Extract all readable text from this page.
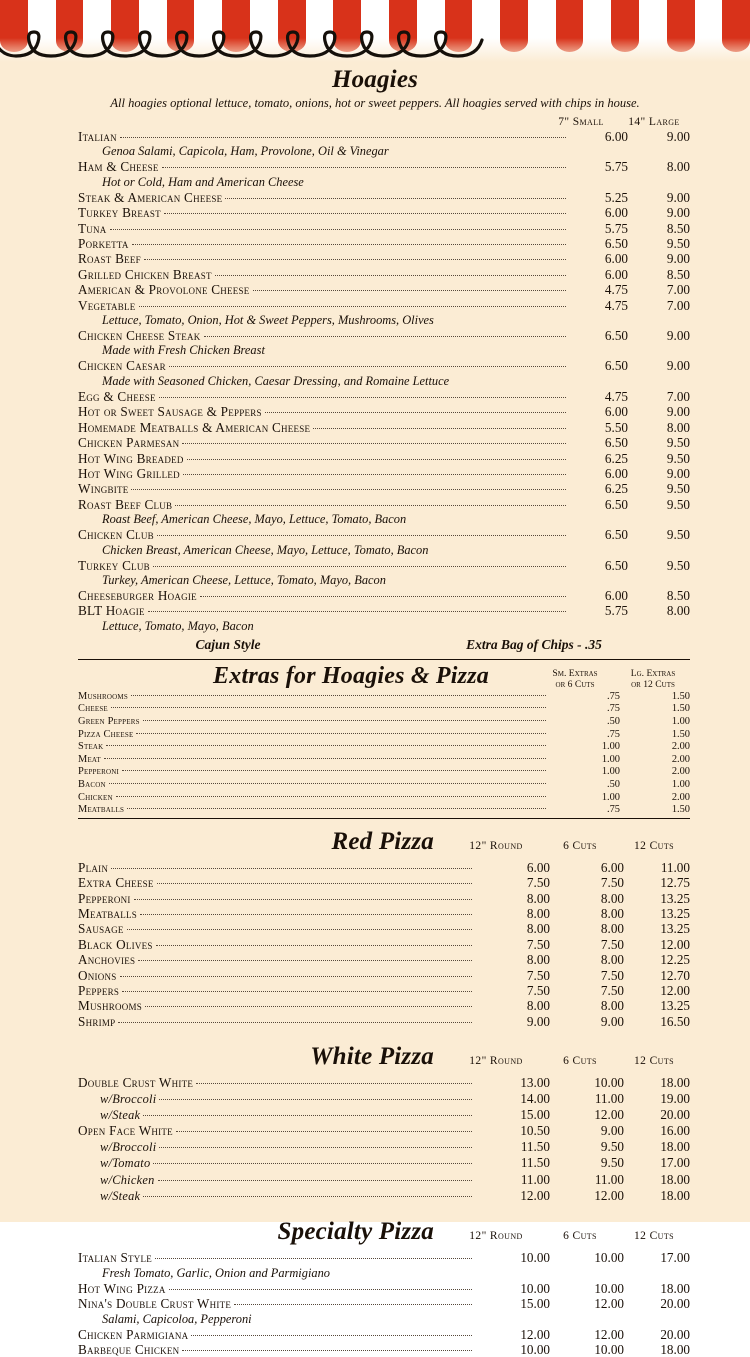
Hoagies
All hoagies optional lettuce, tomato, onions, hot or sweet peppers. All hoagies served with chips in house.
7" Small	14" Large
Italian	6.00	9.00
Genoa Salami, Capicola, Ham, Provolone, Oil & Vinegar
Ham & Cheese	5.75	8.00
Hot or Cold, Ham and American Cheese
Steak & American Cheese	5.25	9.00
Turkey Breast	6.00	9.00
Tuna	5.75	8.50
Porketta	6.50	9.50
Roast Beef	6.00	9.00
Grilled Chicken Breast	6.00	8.50
American & Provolone Cheese	4.75	7.00
Vegetable	4.75	7.00
Lettuce, Tomato, Onion, Hot & Sweet Peppers, Mushrooms, Olives
Chicken Cheese Steak	6.50	9.00
Made with Fresh Chicken Breast
Chicken Caesar	6.50	9.00
Made with Seasoned Chicken, Caesar Dressing, and Romaine Lettuce
Egg & Cheese	4.75	7.00
Hot or Sweet Sausage & Peppers	6.00	9.00
Homemade Meatballs & American Cheese	5.50	8.00
Chicken Parmesan	6.50	9.50
Hot Wing Breaded	6.25	9.50
Hot Wing Grilled	6.00	9.00
Wingbite	6.25	9.50
Roast Beef Club	6.50	9.50
Roast Beef, American Cheese, Mayo, Lettuce, Tomato, Bacon
Chicken Club	6.50	9.50
Chicken Breast, American Cheese, Mayo, Lettuce, Tomato, Bacon
Turkey Club	6.50	9.50
Turkey, American Cheese, Lettuce, Tomato, Mayo, Bacon
Cheeseburger Hoagie	6.00	8.50
BLT Hoagie	5.75	8.00
Lettuce, Tomato, Mayo, Bacon
Cajun Style	Extra Bag of Chips - .35
Extras for Hoagies & Pizza	Sm. Extras
or 6 Cuts
Lg. Extras
or 12 Cuts
Mushrooms	.75	1.50
Cheese	.75	1.50
Green Peppers	.50	1.00
Pizza Cheese	.75	1.50
Steak	1.00	2.00
Meat	1.00	2.00
Pepperoni	1.00	2.00
Bacon	.50	1.00
Chicken	1.00	2.00
Meatballs	.75	1.50
Red Pizza	12" Round	6 Cuts	12 Cuts
Plain	6.00	6.00	11.00
Extra Cheese	7.50	7.50	12.75
Pepperoni	8.00	8.00	13.25
Meatballs	8.00	8.00	13.25
Sausage	8.00	8.00	13.25
Black Olives	7.50	7.50	12.00
Anchovies	8.00	8.00	12.25
Onions	7.50	7.50	12.70
Peppers	7.50	7.50	12.00
Mushrooms	8.00	8.00	13.25
Shrimp	9.00	9.00	16.50
White Pizza	12" Round	6 Cuts	12 Cuts
Double Crust White	13.00	10.00	18.00
w/Broccoli	14.00	11.00	19.00
w/Steak	15.00	12.00	20.00
Open Face White	10.50	9.00	16.00
w/Broccoli	11.50	9.50	18.00
w/Tomato	11.50	9.50	17.00
w/Chicken	11.00	11.00	18.00
w/Steak	12.00	12.00	18.00
Specialty Pizza	12" Round	6 Cuts	12 Cuts
Italian Style	10.00	10.00	17.00
Fresh Tomato, Garlic, Onion and Parmigiano
Hot Wing Pizza	10.00	10.00	18.00
Nina's Double Crust White	15.00	12.00	20.00
Salami, Capicoloa, Pepperoni
Chicken Parmigiana	12.00	12.00	20.00
Barbeque Chicken	10.00	10.00	18.00
